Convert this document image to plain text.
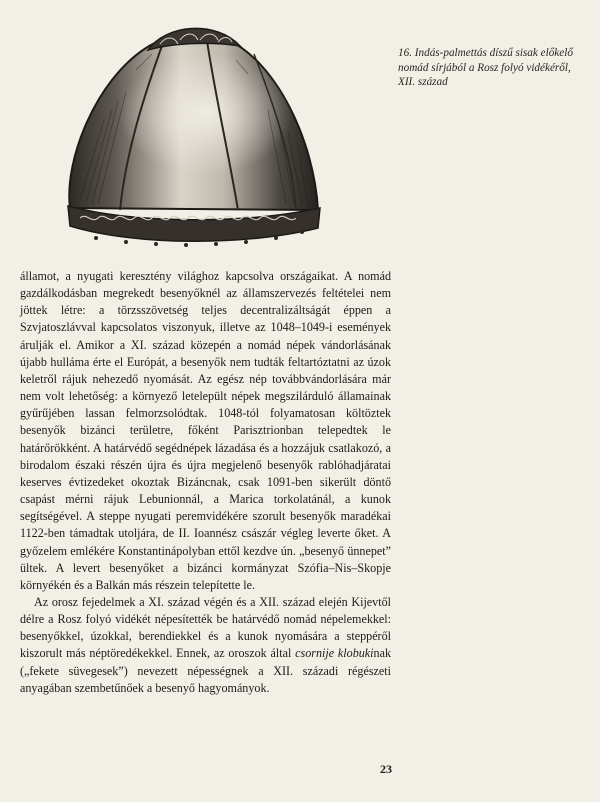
16. Indás-palmettás díszű sisak előkelő nomád sírjából a Rosz folyó vidékéről, XII. század

államot, a nyugati keresztény világhoz kapcsolva országaikat. A nomád gazdálkodásban megrekedt besenyőknél az államszervezés feltételei nem jöttek létre: a törzsszövetség teljes decentralizáltságát éppen a Szvjatoszlávval kapcsolatos viszonyuk, illetve az 1048–1049-i események árulják el. Amikor a XI. század közepén a nomád népek vándorlásának újabb hulláma érte el Európát, a besenyők nem tudták feltartóztatni az úzok keletről rájuk nehezedő nyomását. Az egész nép továbbvándorlására már nem volt lehetőség: a környező letelepült népek megszilárduló államainak gyűrűjében lassan felmorzsolódtak. 1048-tól folyamatosan költöztek besenyők bizánci területre, főként Parisztrionban telepedtek le határőrökként. A határvédő segédnépek lázadása és a hozzájuk csatlakozó, a birodalom északi részén újra és újra megjelenő besenyők rablóhadjáratai keserves évtizedeket okoztak Bizáncnak, csak 1091-ben sikerült döntő csapást mérni rájuk Lebunionnál, a Marica torkolatánál, a kunok segítségével. A steppe nyugati peremvidékére szorult besenyők maradékai 1122-ben támadtak utoljára, de II. Ioannész császár végleg leverte őket. A győzelem emlékére Konstantinápolyban ettől kezdve ún. „besenyő ünnepet” ültek. A levert besenyőket a bizánci kormányzat Szófia–Nis–Skopje környékén és a Balkán más részein telepítette le.

Az orosz fejedelmek a XI. század végén és a XII. század elején Kijevtől délre a Rosz folyó vidékét népesítették be határvédő nomád népelemekkel: besenyőkkel, úzokkal, berendiekkel és a kunok nyomására a steppéről kiszorult más néptöredékekkel. Ennek, az oroszok által csornije klobukinak („fekete süvegesek”) nevezett népességnek a XII. századi régészeti anyagában szembetűnőek a besenyő hagyományok.

23
